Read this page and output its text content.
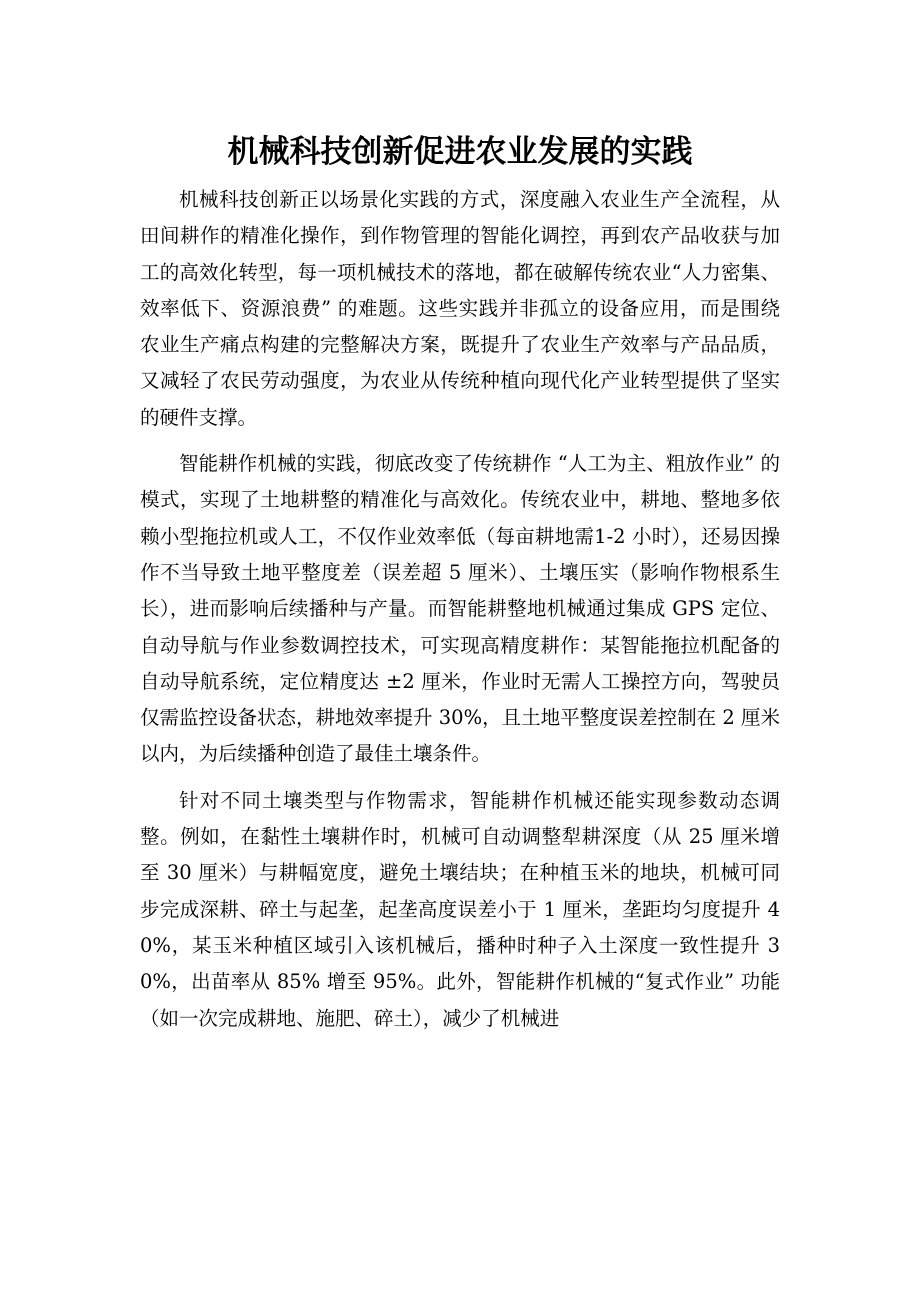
机械科技创新促进农业发展的实践

机械科技创新正以场景化实践的方式，深度融入农业生产全流程，从田间耕作的精准化操作，到作物管理的智能化调控，再到农产品收获与加工的高效化转型，每一项机械技术的落地，都在破解传统农业“人力密集、效率低下、资源浪费” 的难题。这些实践并非孤立的设备应用，而是围绕农业生产痛点构建的完整解决方案，既提升了农业生产效率与产品品质，又减轻了农民劳动强度，为农业从传统种植向现代化产业转型提供了坚实的硬件支撑。

智能耕作机械的实践，彻底改变了传统耕作 “人工为主、粗放作业” 的模式，实现了土地耕整的精准化与高效化。传统农业中，耕地、整地多依赖小型拖拉机或人工，不仅作业效率低（每亩耕地需1-2 小时），还易因操作不当导致土地平整度差（误差超 5 厘米）、土壤压实（影响作物根系生长），进而影响后续播种与产量。而智能耕整地机械通过集成 GPS 定位、自动导航与作业参数调控技术，可实现高精度耕作：某智能拖拉机配备的自动导航系统，定位精度达 ±2 厘米，作业时无需人工操控方向，驾驶员仅需监控设备状态，耕地效率提升 30%，且土地平整度误差控制在 2 厘米以内，为后续播种创造了最佳土壤条件。

针对不同土壤类型与作物需求，智能耕作机械还能实现参数动态调整。例如，在黏性土壤耕作时，机械可自动调整犁耕深度（从 25 厘米增至 30 厘米）与耕幅宽度，避免土壤结块；在种植玉米的地块，机械可同步完成深耕、碎土与起垄，起垄高度误差小于 1 厘米，垄距均匀度提升 40%，某玉米种植区域引入该机械后，播种时种子入土深度一致性提升 30%，出苗率从 85% 增至 95%。此外，智能耕作机械的“复式作业” 功能（如一次完成耕地、施肥、碎土），减少了机械进
